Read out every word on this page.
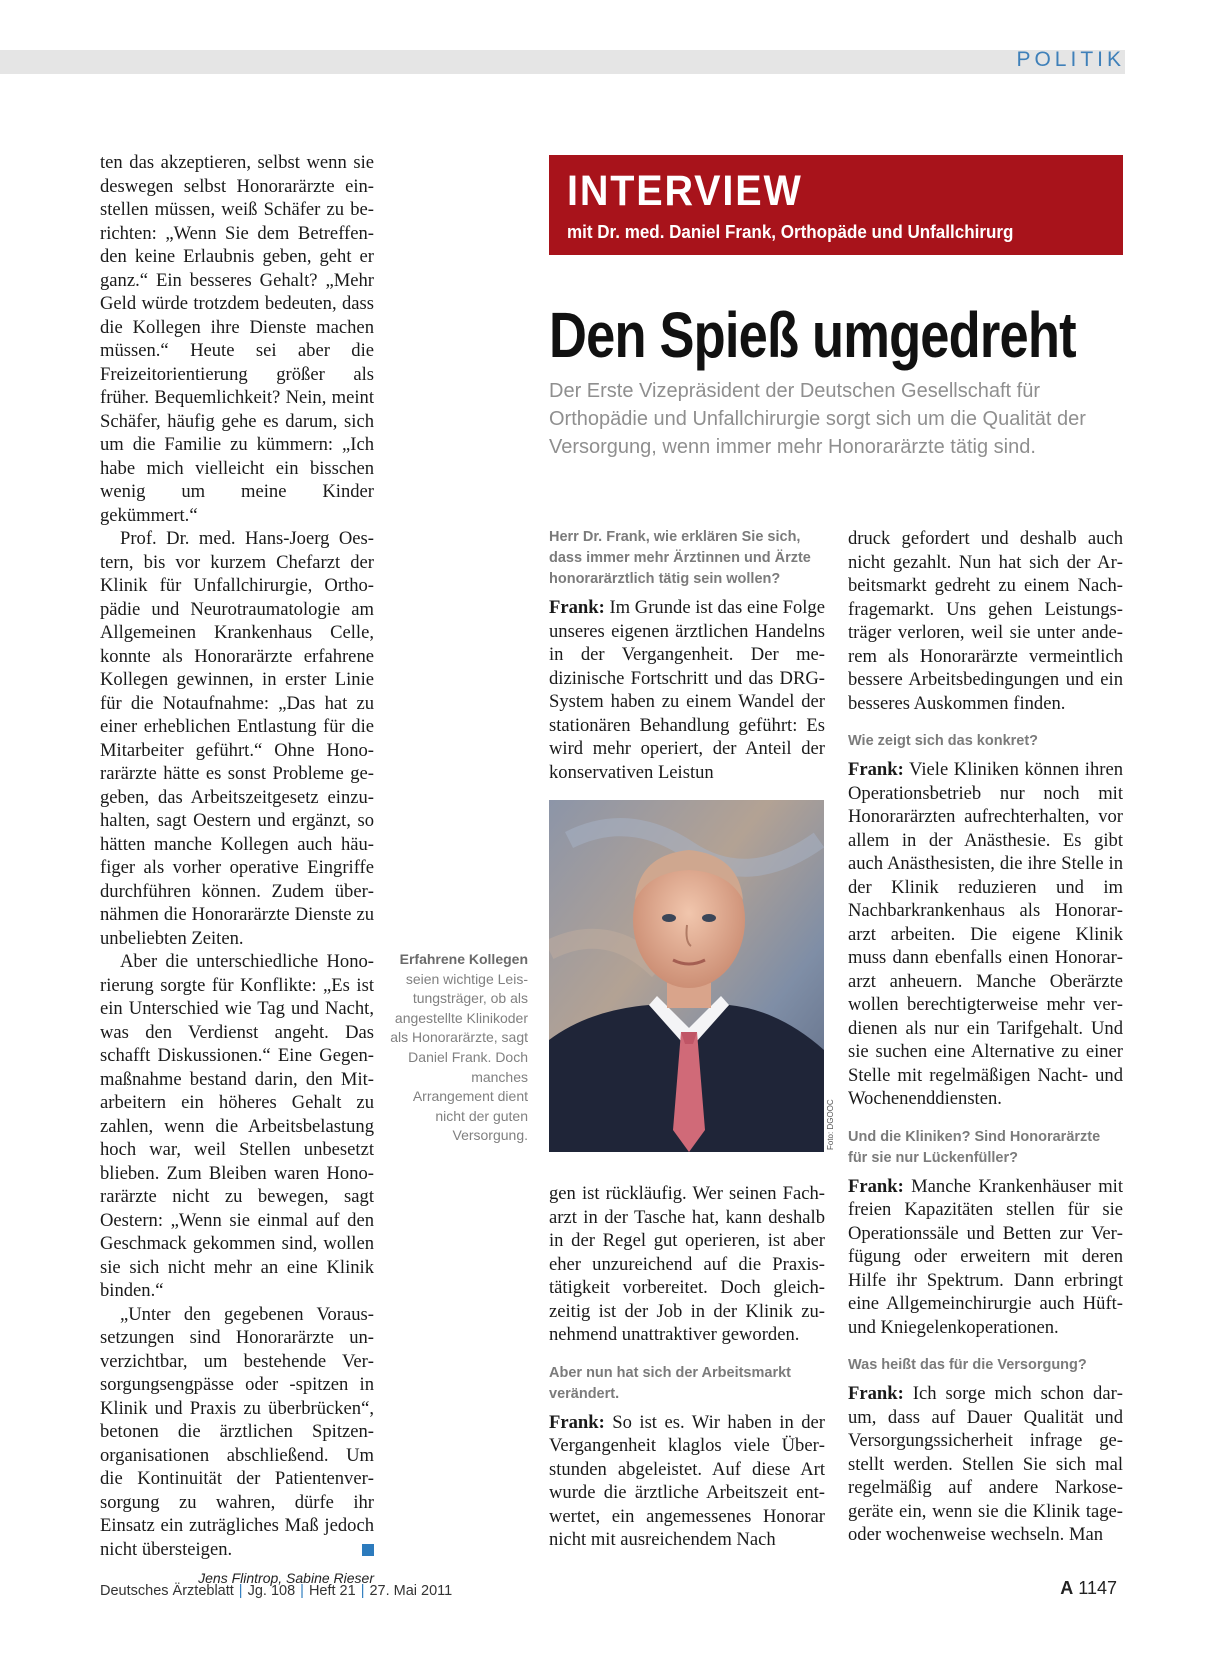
POLITIK

ten das akzeptieren, selbst wenn sie deswegen selbst Honorarärzte einstellen müssen, weiß Schäfer zu berichten: „Wenn Sie dem Betreffenden keine Erlaubnis geben, geht er ganz.“ Ein besseres Gehalt? „Mehr Geld würde trotzdem bedeuten, dass die Kollegen ihre Dienste machen müssen.“ Heute sei aber die Freizeitorientierung größer als früher. Bequemlichkeit? Nein, meint Schäfer, häufig gehe es darum, sich um die Familie zu kümmern: „Ich habe mich vielleicht ein bisschen wenig um meine Kinder gekümmert.“

Prof. Dr. med. Hans-Joerg Oestern, bis vor kurzem Chefarzt der Klinik für Unfallchirurgie, Orthopädie und Neurotraumatologie am Allgemeinen Krankenhaus Celle, konnte als Honorarärzte erfahrene Kollegen gewinnen, in erster Linie für die Notaufnahme: „Das hat zu einer erheblichen Entlastung für die Mitarbeiter geführt.“ Ohne Honorarärzte hätte es sonst Probleme gegeben, das Arbeitszeitgesetz einzuhalten, sagt Oestern und ergänzt, so hätten manche Kollegen auch häufiger als vorher operative Eingriffe durchführen können. Zudem übernähmen die Honorarärzte Dienste zu unbeliebten Zeiten.

Aber die unterschiedliche Honorierung sorgte für Konflikte: „Es ist ein Unterschied wie Tag und Nacht, was den Verdienst angeht. Das schafft Diskussionen.“ Eine Gegenmaßnahme bestand darin, den Mitarbeitern ein höheres Gehalt zu zahlen, wenn die Arbeitsbelastung hoch war, weil Stellen unbesetzt blieben. Zum Bleiben waren Honorarärzte nicht zu bewegen, sagt Oestern: „Wenn sie einmal auf den Geschmack gekommen sind, wollen sie sich nicht mehr an eine Klinik binden.“

„Unter den gegebenen Voraussetzungen sind Honorarärzte unverzichtbar, um bestehende Versorgungsengpässe oder -spitzen in Klinik und Praxis zu überbrücken“, betonen die ärztlichen Spitzenorganisationen abschließend. Um die Kontinuität der Patientenversorgung zu wahren, dürfe ihr Einsatz ein zuträgliches Maß jedoch nicht übersteigen.

Jens Flintrop, Sabine Rieser
INTERVIEW
mit Dr. med. Daniel Frank, Orthopäde und Unfallchirurg
Den Spieß umgedreht
Der Erste Vizepräsident der Deutschen Gesellschaft für Orthopädie und Unfallchirurgie sorgt sich um die Qualität der Versorgung, wenn immer mehr Honorarärzte tätig sind.
Herr Dr. Frank, wie erklären Sie sich, dass immer mehr Ärztinnen und Ärzte honorarärztlich tätig sein wollen?

Frank: Im Grunde ist das eine Folge unseres eigenen ärztlichen Handelns in der Vergangenheit. Der medizinische Fortschritt und das DRG-System haben zu einem Wandel der stationären Behandlung geführt: Es wird mehr operiert, der Anteil der konservativen Leistun

Foto: DGOOC
Erfahrene Kollegen
seien wichtige Leistungsträger, ob als angestellte Klinikoder als Honorarärzte, sagt Daniel Frank. Doch manches Arrangement dient nicht der guten Versorgung.

gen ist rückläufig. Wer seinen Facharzt in der Tasche hat, kann deshalb in der Regel gut operieren, ist aber eher unzureichend auf die Praxistätigkeit vorbereitet. Doch gleichzeitig ist der Job in der Klinik zunehmend unattraktiver geworden.

Aber nun hat sich der Arbeitsmarkt verändert.

Frank: So ist es. Wir haben in der Vergangenheit klaglos viele Überstunden abgeleistet. Auf diese Art wurde die ärztliche Arbeitszeit entwertet, ein angemessenes Honorar nicht mit ausreichendem Nach

druck gefordert und deshalb auch nicht gezahlt. Nun hat sich der Arbeitsmarkt gedreht zu einem Nachfragemarkt. Uns gehen Leistungsträger verloren, weil sie unter anderem als Honorarärzte vermeintlich bessere Arbeitsbedingungen und ein besseres Auskommen finden.

Wie zeigt sich das konkret?

Frank: Viele Kliniken können ihren Operationsbetrieb nur noch mit Honorarärzten aufrechterhalten, vor allem in der Anästhesie. Es gibt auch Anästhesisten, die ihre Stelle in der Klinik reduzieren und im Nachbarkrankenhaus als Honorararzt arbeiten. Die eigene Klinik muss dann ebenfalls einen Honorararzt anheuern. Manche Oberärzte wollen berechtigterweise mehr verdienen als nur ein Tarifgehalt. Und sie suchen eine Alternative zu einer Stelle mit regelmäßigen Nacht- und Wochenenddiensten.

Und die Kliniken? Sind Honorarärzte für sie nur Lückenfüller?

Frank: Manche Krankenhäuser mit freien Kapazitäten stellen für sie Operationssäle und Betten zur Verfügung oder erweitern mit deren Hilfe ihr Spektrum. Dann erbringt eine Allgemeinchirurgie auch Hüft- und Kniegelenkoperationen.

Was heißt das für die Versorgung?

Frank: Ich sorge mich schon darum, dass auf Dauer Qualität und Versorgungssicherheit infrage gestellt werden. Stellen Sie sich mal regelmäßig auf andere Narkosegeräte ein, wenn sie die Klinik tageoder wochenweise wechseln. Man

Deutsches Ärzteblatt | Jg. 108 | Heft 21 | 27. Mai 2011	A 1147
